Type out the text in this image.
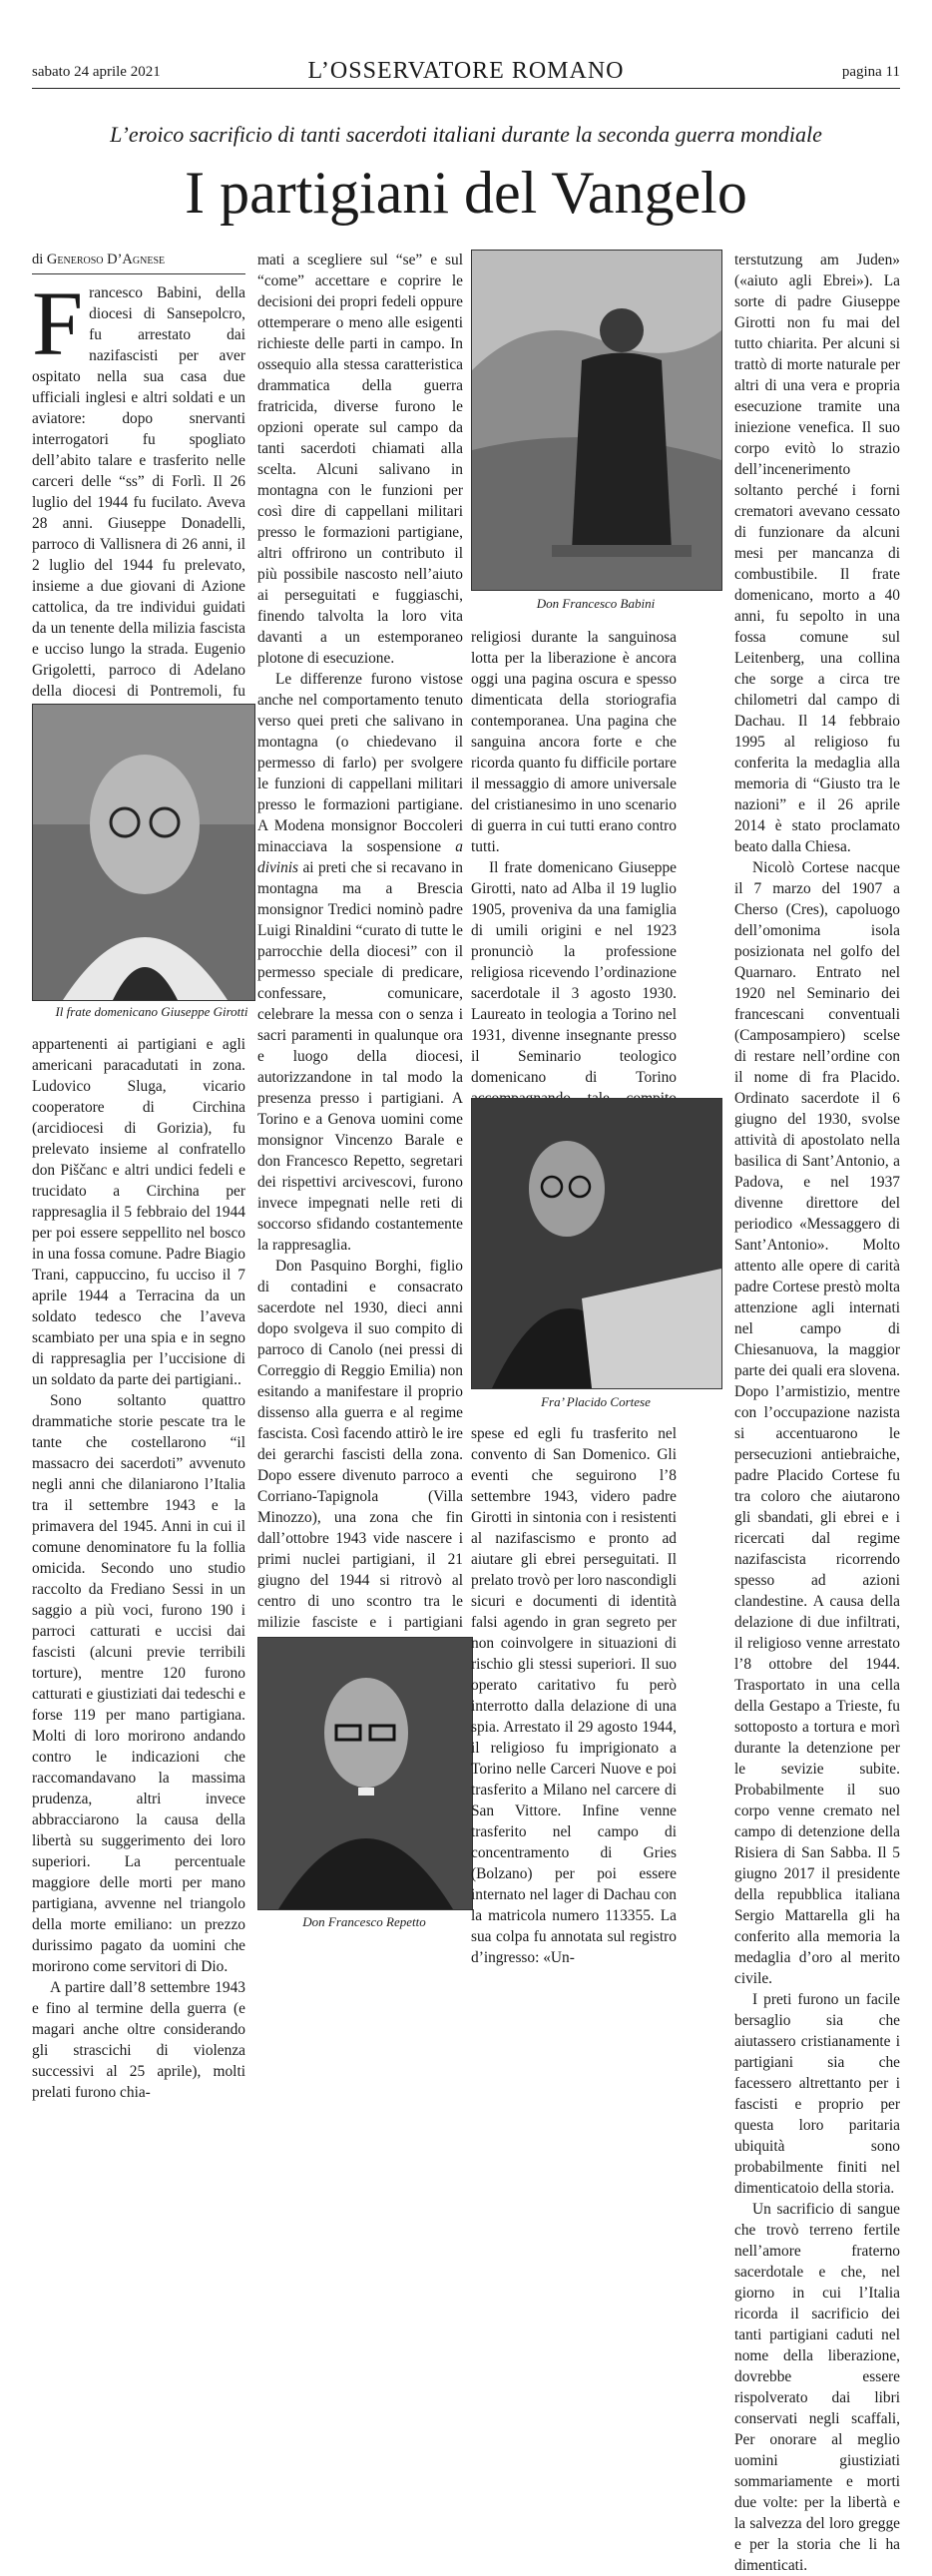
sabato 24 aprile 2021	L’OSSERVATORE ROMANO	pagina 11
L’eroico sacrificio di tanti sacerdoti italiani durante la seconda guerra mondiale
I partigiani del Vangelo
di Generoso D’Agnese

Francesco Babini, della diocesi di Sansepolcro, fu arrestato dai nazifascisti per aver ospitato nella sua casa due ufficiali inglesi e altri soldati e un aviatore: dopo snervanti interrogatori fu spogliato dell’abito talare e trasferito nelle carceri delle “ss” di Forlì. Il 26 luglio del 1944 fu fucilato. Aveva 28 anni. Giuseppe Donadelli, parroco di Vallisnera di 26 anni, il 2 luglio del 1944 fu prelevato, insieme a due giovani di Azione cattolica, da tre individui guidati da un tenente della milizia fascista e ucciso lungo la strada. Eugenio Grigoletti, parroco di Adelano della diocesi di Pontremoli, fu

Il frate domenicano Giuseppe Girotti

appartenenti ai partigiani e agli americani paracadutati in zona. Ludovico Sluga, vicario cooperatore di Circhina (arcidiocesi di Gorizia), fu prelevato insieme al confratello don Piščanc e altri undici fedeli e trucidato a Circhina per rappresaglia il 5 febbraio del 1944 per poi essere seppellito nel bosco in una fossa comune. Padre Biagio Trani, cappuccino, fu ucciso il 7 aprile 1944 a Terracina da un soldato tedesco che l’aveva scambiato per una spia e in segno di rappresaglia per l’uccisione di un soldato da parte dei partigiani..

Sono soltanto quattro drammatiche storie pescate tra le tante che costellarono “il massacro dei sacerdoti” avvenuto negli anni che dilaniarono l’Italia tra il settembre 1943 e la primavera del 1945. Anni in cui il comune denominatore fu la follia omicida. Secondo uno studio raccolto da Frediano Sessi in un saggio a più voci, furono 190 i parroci catturati e uccisi dai fascisti (alcuni previe terribili torture), mentre 120 furono catturati e giustiziati dai tedeschi e forse 119 per mano partigiana. Molti di loro morirono andando contro le indicazioni che raccomandavano la massima prudenza, altri invece abbracciarono la causa della libertà su suggerimento dei loro superiori. La percentuale maggiore delle morti per mano partigiana, avvenne nel triangolo della morte emiliano: un prezzo durissimo pagato da uomini che morirono come servitori di Dio.

A partire dall’8 settembre 1943 e fino al termine della guerra (e magari anche oltre considerando gli strascichi di violenza successivi al 25 aprile), molti prelati furono chia-

mati a scegliere sul “se” e sul “come” accettare e coprire le decisioni dei propri fedeli oppure ottemperare o meno alle esigenti richieste delle parti in campo. In ossequio alla stessa caratteristica drammatica della guerra fratricida, diverse furono le opzioni operate sul campo da tanti sacerdoti chiamati alla scelta. Alcuni salivano in montagna con le funzioni per così dire di cappellani militari presso le formazioni partigiane, altri offrirono un contributo il più possibile nascosto nell’aiuto ai perseguitati e fuggiaschi, finendo talvolta la loro vita davanti a un estemporaneo plotone di esecuzione.

Le differenze furono vistose anche nel comportamento tenuto verso quei preti che salivano in montagna (o chiedevano il permesso di farlo) per svolgere le funzioni di cappellani militari presso le formazioni partigiane. A Modena monsignor Boccoleri minacciava la sospensione a divinis ai preti che si recavano in montagna ma a Brescia monsignor Tredici nominò padre Luigi Rinaldini “curato di tutte le parrocchie della diocesi” con il permesso speciale di predicare, confessare, comunicare, celebrare la messa con o senza i sacri paramenti in qualunque ora e luogo della diocesi, autorizzandone in tal modo la presenza presso i partigiani. A Torino e a Genova uomini come monsignor Vincenzo Barale e don Francesco Repetto, segretari dei rispettivi arcivescovi, furono invece impegnati nelle reti di soccorso sfidando costantemente la rappresaglia.

Don Pasquino Borghi, figlio di contadini e consacrato sacerdote nel 1930, dieci anni dopo svolgeva il suo compito di parroco di Canolo (nei pressi di Correggio di Reggio Emilia) non esitando a manifestare il proprio dissenso alla guerra e al regime fascista. Così facendo attirò le ire dei gerarchi fascisti della zona. Dopo essere divenuto parroco a Corriano-Tapignola (Villa Minozzo), una zona che fin dall’ottobre 1943 vide nascere i primi nuclei partigiani, il 21 giugno del 1944 si ritrovò al centro di uno scontro tra le milizie fasciste e i partigiani

Don Francesco Repetto
Don Francesco Babini

religiosi durante la sanguinosa lotta per la liberazione è ancora oggi una pagina oscura e spesso dimenticata della storiografia contemporanea. Una pagina che sanguina ancora forte e che ricorda quanto fu difficile portare il messaggio di amore universale del cristianesimo in uno scenario di guerra in cui tutti erano contro tutti.

Il frate domenicano Giuseppe Girotti, nato ad Alba il 19 luglio 1905, proveniva da una famiglia di umili origini e nel 1923 pronunciò la professione religiosa ricevendo l’ordinazione sacerdotale il 3 agosto 1930. Laureato in teologia a Torino nel 1931, divenne insegnante presso il Seminario teologico domenicano di Torino

Fra’ Placido Cortese

spese ed egli fu trasferito nel convento di San Domenico. Gli eventi che seguirono l’8 settembre 1943, videro padre Girotti in sintonia con i resistenti al nazifascismo e pronto ad aiutare gli ebrei perseguitati. Il prelato trovò per loro nascondigli sicuri e documenti di identità falsi agendo in gran segreto per non coinvolgere in situazioni di rischio gli stessi superiori. Il suo operato caritativo fu però interrotto dalla delazione di una spia. Arrestato il 29 agosto 1944, il religioso fu imprigionato a Torino nelle Carceri Nuove e poi trasferito a Milano nel carcere di San Vittore. Infine venne trasferito nel campo di concentramento di Gries (Bolzano) per poi essere internato nel lager di Dachau con la matricola numero 113355. La sua colpa fu annotata sul registro d’ingresso: «Un-

terstutzung am Juden» («aiuto agli Ebrei»). La sorte di padre Giuseppe Girotti non fu mai del tutto chiarita. Per alcuni si trattò di morte naturale per altri di una vera e propria esecuzione tramite una iniezione venefica. Il suo corpo evitò lo strazio dell’incenerimento soltanto perché i forni crematori avevano cessato di funzionare da alcuni mesi per mancanza di combustibile. Il frate domenicano, morto a 40 anni, fu sepolto in una fossa comune sul Leitenberg, una collina che sorge a circa tre chilometri dal campo di Dachau. Il 14 febbraio 1995 al religioso fu conferita la medaglia alla memoria di “Giusto tra le nazioni” e il 26 aprile 2014 è stato proclamato beato dalla Chiesa.

Nicolò Cortese nacque il 7 marzo del 1907 a Cherso (Cres), capoluogo dell’omonima isola posizionata nel golfo del Quarnaro. Entrato nel 1920 nel Seminario dei francescani conventuali (Camposampiero) scelse di restare nell’ordine con il nome di fra Placido. Ordinato sacerdote il 6 giugno del 1930, svolse attività di apostolato nella basilica di Sant’Antonio, a Padova, e nel 1937 divenne direttore del periodico «Messaggero di Sant’Antonio». Molto attento alle opere di carità padre Cortese prestò molta attenzione agli internati nel campo di Chiesanuova, la maggior parte dei quali era slovena. Dopo l’armistizio, mentre con l’occupazione nazista si accentuarono le persecuzioni antiebraiche, padre Placido Cortese fu tra coloro che aiutarono gli sbandati, gli ebrei e i ricercati dal regime nazifascista ricorrendo spesso ad azioni clandestine. A causa della delazione di due infiltrati, il religioso venne arrestato l’8 ottobre del 1944. Trasportato in una cella della Gestapo a Trieste, fu sottoposto a tortura e morì durante la detenzione per le sevizie subite. Probabilmente il suo corpo venne cremato nel campo di detenzione della Risiera di San Sabba. Il 5 giugno 2017 il presidente della repubblica italiana Sergio Mattarella gli ha conferito alla memoria la medaglia d’oro al merito civile.

I preti furono un facile bersaglio sia che aiutassero cristianamente i partigiani sia che facessero altrettanto per i fascisti e proprio per questa loro paritaria ubiquità sono probabilmente finiti nel dimenticatoio della storia.

Un sacrificio di sangue che trovò terreno fertile nell’amore fraterno sacerdotale e che, nel giorno in cui l’Italia ricorda il sacrificio dei tanti partigiani caduti nel nome della liberazione, dovrebbe essere rispolverato dai libri conservati negli scaffali, Per onorare al meglio uomini giustiziati sommariamente e morti due volte: per la libertà e la salvezza del loro gregge e per la storia che li ha dimenticati.
